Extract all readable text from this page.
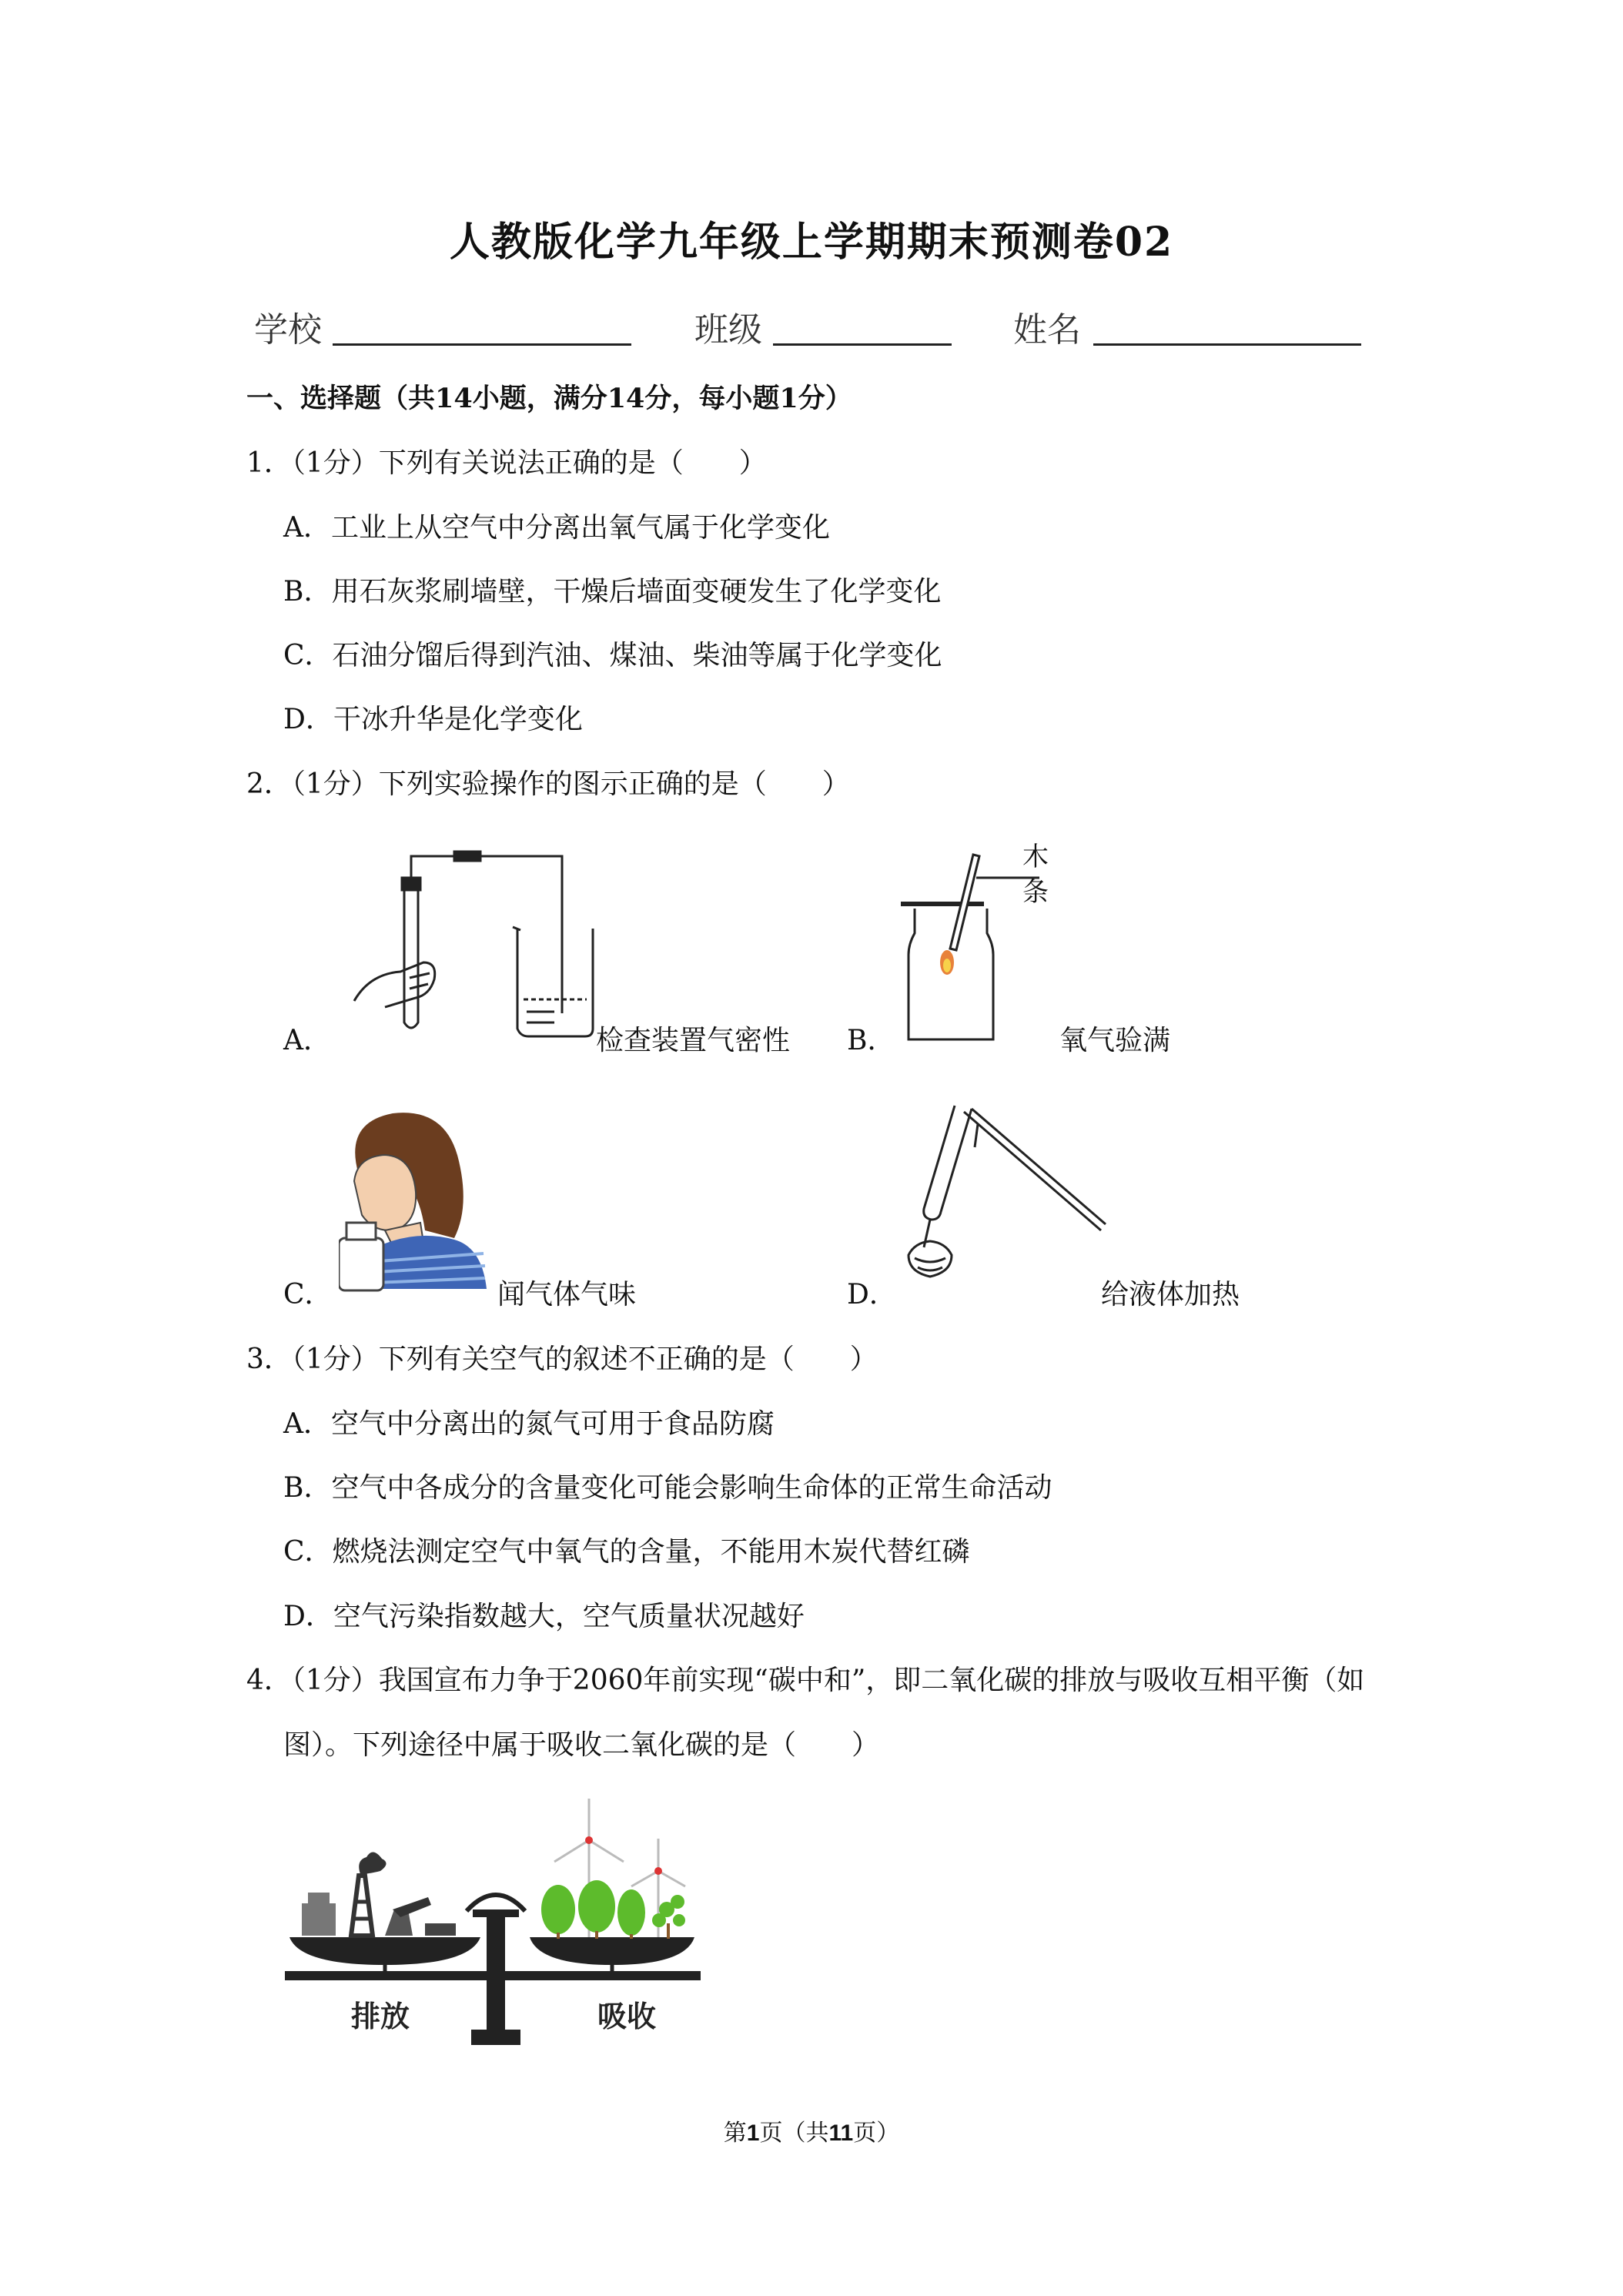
人教版化学九年级上学期期末预测卷02
学校	班级	姓名
一、选择题（共14小题，满分14分，每小题1分）
1．（1分）下列有关说法正确的是（　　）
A．工业上从空气中分离出氧气属于化学变化
B．用石灰浆刷墙壁，干燥后墙面变硬发生了化学变化
C．石油分馏后得到汽油、煤油、柴油等属于化学变化
D．干冰升华是化学变化
2．（1分）下列实验操作的图示正确的是（　　）
A．	检查装置气密性
木条
B．	氧气验满
C．	闻气体气味	D．	给液体加热
3．（1分）下列有关空气的叙述不正确的是（　　）
A．空气中分离出的氮气可用于食品防腐
B．空气中各成分的含量变化可能会影响生命体的正常生命活动
C．燃烧法测定空气中氧气的含量，不能用木炭代替红磷
D．空气污染指数越大，空气质量状况越好
4．（1分）我国宣布力争于2060年前实现“碳中和”，即二氧化碳的排放与吸收互相平衡（如
图）。下列途径中属于吸收二氧化碳的是（　　）
排放	吸收
第1页（共11页）
